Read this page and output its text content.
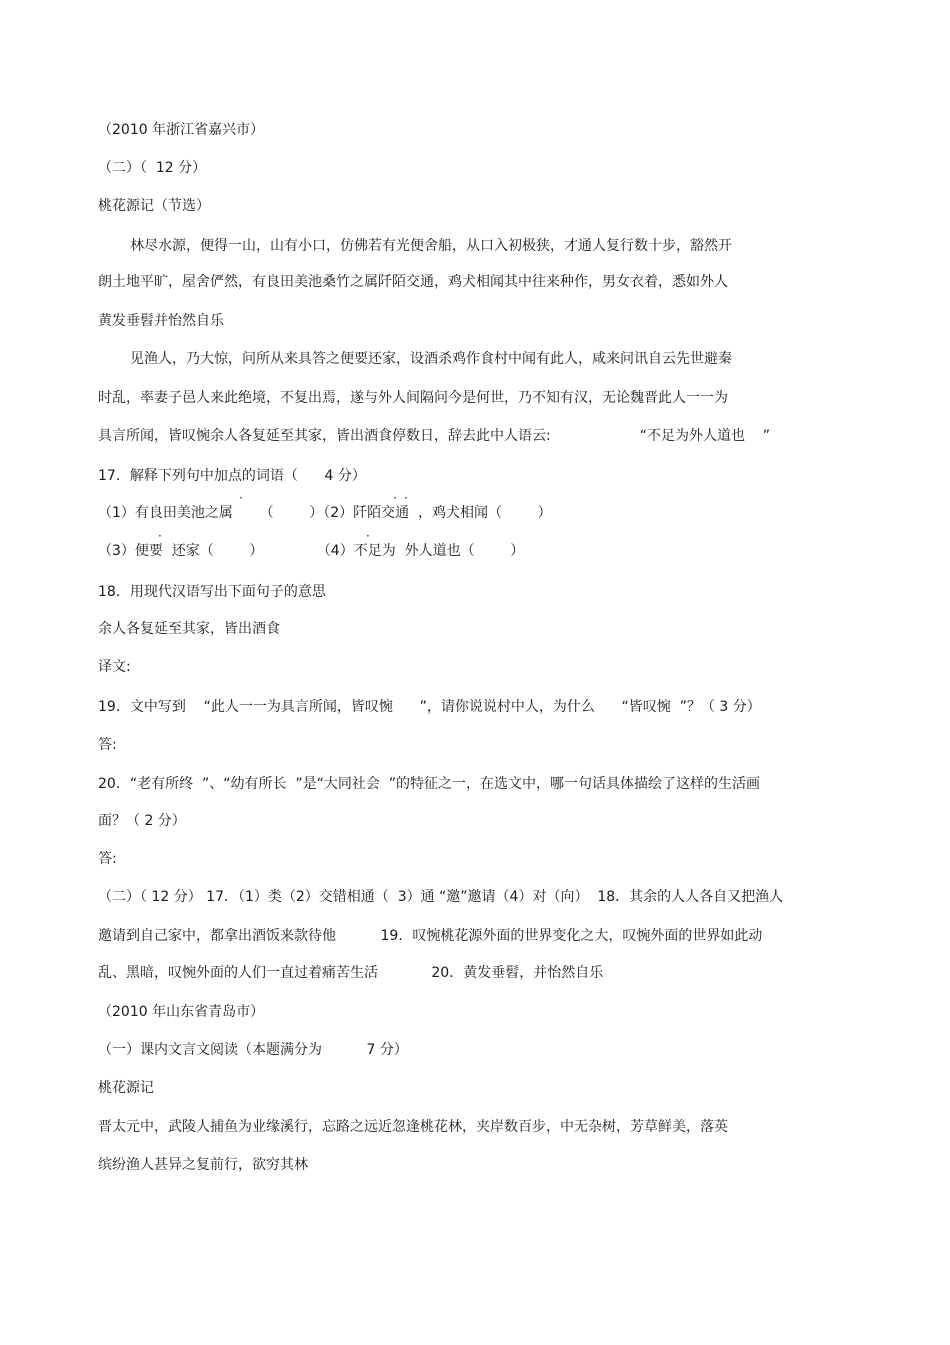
（2010 年浙江省嘉兴市）
（二）（  12 分）
桃花源记（节选）
林尽水源，便得一山，山有小口，仿佛若有光便舍船，从口入初极狭，才通人复行数十步，豁然开
朗土地平旷，屋舍俨然，有良田美池桑竹之属阡陌交通，鸡犬相闻其中往来种作，男女衣着，悉如外人
黄发垂髫并怡然自乐
见渔人，乃大惊，问所从来具答之便要还家，设酒杀鸡作食村中闻有此人，咸来问讯自云先世避秦
时乱，率妻子邑人来此绝境，不复出焉，遂与外人间隔问今是何世，乃不知有汉，无论魏晋此人一一为
具言所闻，皆叹惋余人各复延至其家，皆出酒食停数日，辞去此中人语云:                    “不足为外人道也    ”
17．解释下列句中加点的词语（      4 分）
·	· ·
（1）有良田美池之属      （        ）（2）阡陌交通  ，鸡犬相闻（        ）
·	·
（3）便要  还家（        ）            （4）不足为  外人道也（        ）
18．用现代汉语写出下面句子的意思
余人各复延至其家，皆出酒食
译文:
19．文中写到    “此人一一为具言所闻，皆叹惋      ”，请你说说村中人，为什么      “皆叹惋  ”？（ 3 分）
答:
20．“老有所终  ”、“幼有所长  ”是“大同社会  ”的特征之一，在选文中，哪一句话具体描绘了这样的生活画
面？（ 2 分）
答:
（二）（ 12 分） 17．（1）类（2）交错相通（  3）通 “邀”邀请（4）对（向）  18．其余的人人各自又把渔人
邀请到自己家中，都拿出酒饭来款待他          19．叹惋桃花源外面的世界变化之大，叹惋外面的世界如此动
乱、黑暗，叹惋外面的人们一直过着痛苦生活            20．黄发垂髫，并怡然自乐
（2010 年山东省青岛市）
（一）课内文言文阅读（本题满分为          7 分）
桃花源记
晋太元中，武陵人捕鱼为业缘溪行，忘路之远近忽逢桃花林，夹岸数百步，中无杂树，芳草鲜美，落英
缤纷渔人甚异之复前行，欲穷其林
